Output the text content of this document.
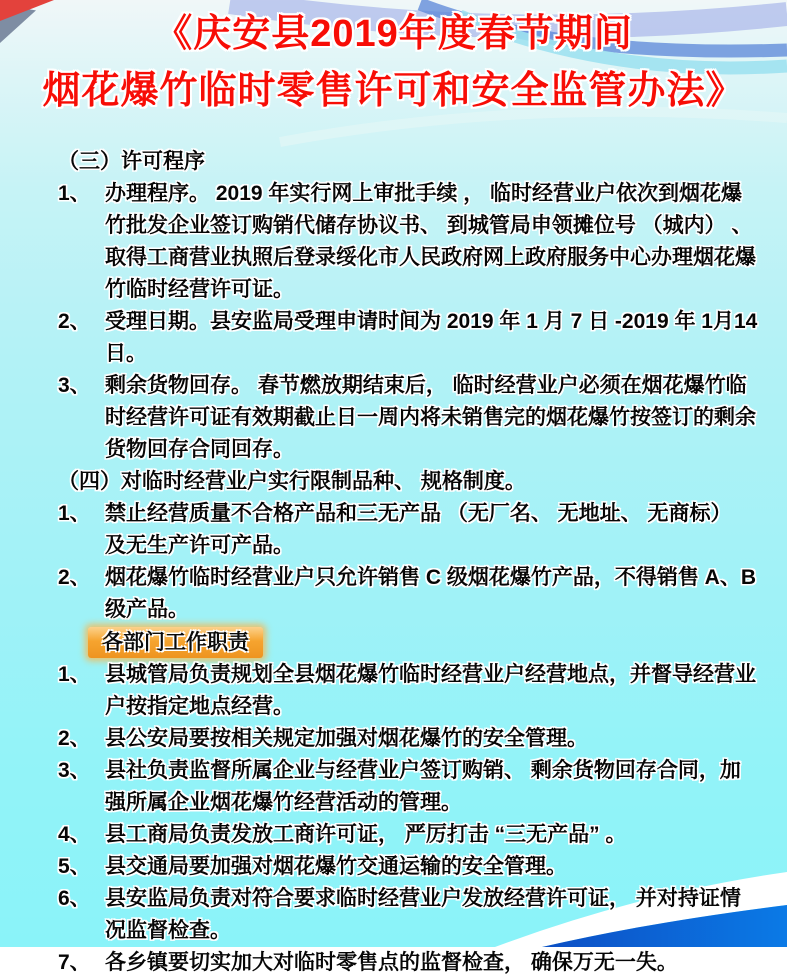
《庆安县2019年度春节期间
烟花爆竹临时零售许可和安全监管办法》
（三） 许可程序
1、 办理程序。 2019 年实行网上审批手续 ， 临时经营业户依次到烟花爆竹批发企业签订购销代储存协议书、 到城管局申领摊位号 （城内） 、取得工商营业执照后登录绥化市人民政府网上政府服务中心办理烟花爆竹临时经营许可证。
2、 受理日期。县安监局受理申请时间为 2019 年 1 月 7 日 -2019 年 1月14 日。
3、 剩余货物回存。 春节燃放期结束后， 临时经营业户必须在烟花爆竹临时经营许可证有效期截止日一周内将未销售完的烟花爆竹按签订的剩余货物回存合同回存。
（四） 对临时经营业户实行限制品种、 规格制度。
1、 禁止经营质量不合格产品和三无产品 （无厂名、 无地址、 无商标） 及无生产许可产品。
2、 烟花爆竹临时经营业户只允许销售 C 级烟花爆竹产品，不得销售 A、B 级产品。
各部门工作职责
1、 县城管局负责规划全县烟花爆竹临时经营业户经营地点，并督导经营业户按指定地点经营。
2、 县公安局要按相关规定加强对烟花爆竹的安全管理。
3、 县社负责监督所属企业与经营业户签订购销、 剩余货物回存合同，加强所属企业烟花爆竹经营活动的管理。
4、 县工商局负责发放工商许可证， 严厉打击 “三无产品” 。
5、 县交通局要加强对烟花爆竹交通运输的安全管理。
6、 县安监局负责对符合要求临时经营业户发放经营许可证， 并对持证情况监督检查。
7、 各乡镇要切实加大对临时零售点的监督检查， 确保万无一失。
